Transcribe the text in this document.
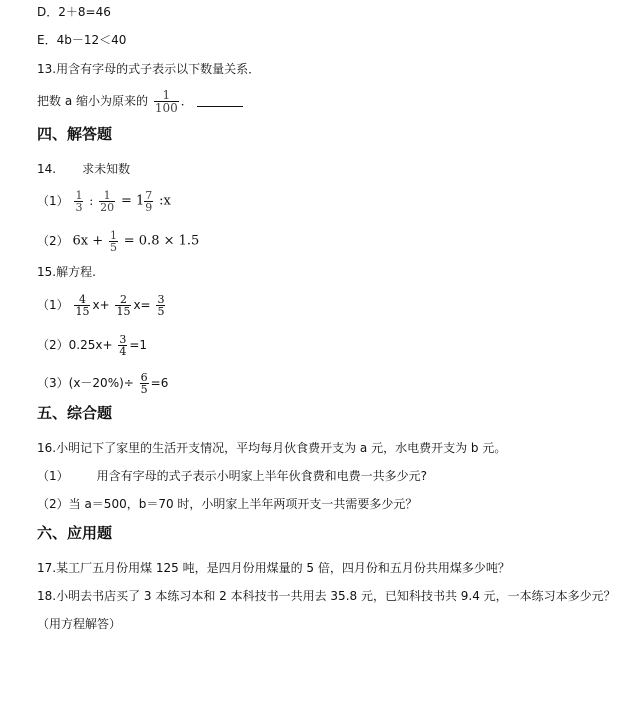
D．2＋8=46
E．4b－12＜40
13.用含有字母的式子表示以下数量关系．
把数 a 缩小为原来的 $\frac{1}{100}$ ．
四、解答题
14. 求未知数
$(1) \frac{1}{3}$ : $\frac{1}{20} = 1 \frac{7}{9}$ :x
（2） $6x + \frac{1}{5} = 0.8 \times 1.5$
15.解方程.
$(1) \frac{4}{15} x+ \frac{2}{15} x= \frac{3}{5}$
$(2)0.25x+ \frac{3}{4} =1$
$(3)(x-20\%)\div \frac{6}{5} =6$
五、综合题
16.小明记下了家里的生活开支情况，平均每月伙食费开支为 a 元，水电费开支为 b 元。
（1） 用含有字母的式子表示小明家上半年伙食费和电费一共多少元?
（2）当 a＝500，b＝70 时，小明家上半年两项开支一共需要多少元？
六、应用题
17.某工厂五月份用煤 125 吨，是四月份用煤量的 5 倍，四月份和五月份共用煤多少吨？
18.小明去书店买了 3 本练习本和 2 本科技书一共用去 35.8 元，已知科技书共 9.4 元，一本练习本多少元？
（用方程解答）
